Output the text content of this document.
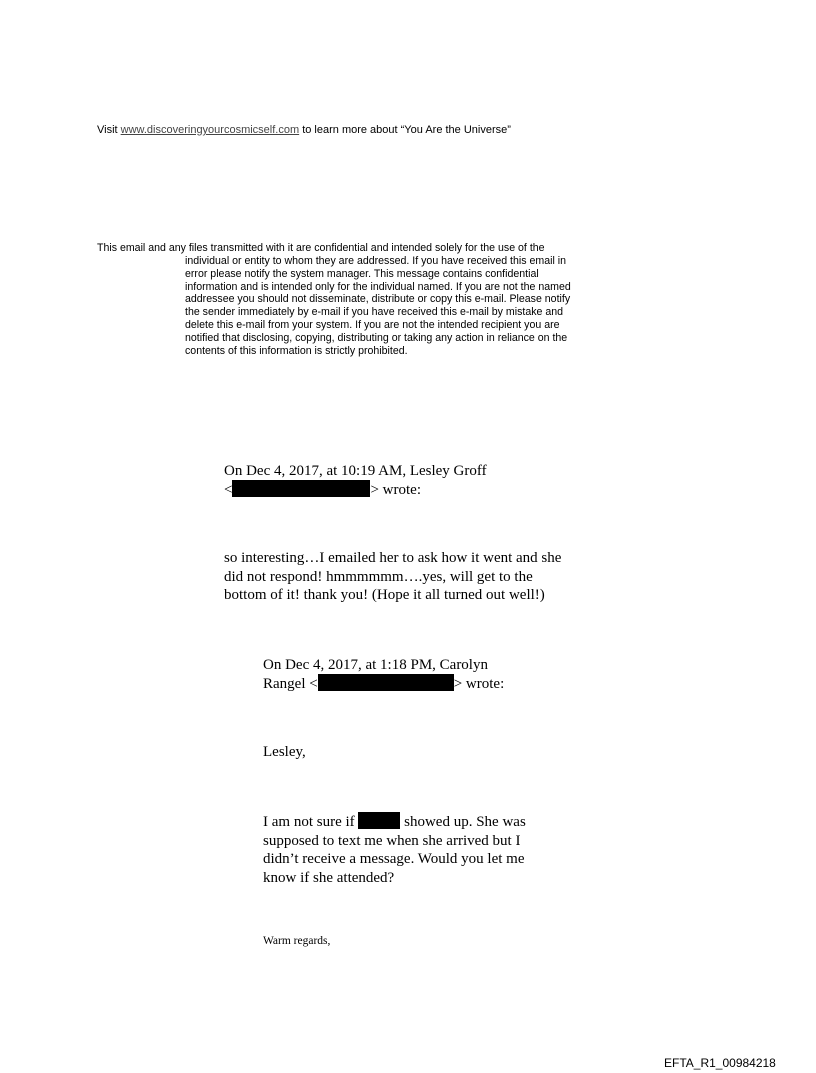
Visit www.discoveringyourcosmicself.com to learn more about “You Are the Universe”
This email and any files transmitted with it are confidential and intended solely for the use of the
individual or entity to whom they are addressed. If you have received this email in
error please notify the system manager. This message contains confidential
information and is intended only for the individual named. If you are not the named
addressee you should not disseminate, distribute or copy this e-mail. Please notify
the sender immediately by e-mail if you have received this e-mail by mistake and
delete this e-mail from your system. If you are not the intended recipient you are
notified that disclosing, copying, distributing or taking any action in reliance on the
contents of this information is strictly prohibited.
On Dec 4, 2017, at 10:19 AM, Lesley Groff
<	> wrote:
so interesting…I emailed her to ask how it went and she
did not respond! hmmmmmm….yes, will get to the
bottom of it! thank you! (Hope it all turned out well!)
On Dec 4, 2017, at 1:18 PM, Carolyn
Rangel <	> wrote:
Lesley,
I am not sure if	showed up. She was
supposed to text me when she arrived but I
didn’t receive a message. Would you let me
know if she attended?
Warm regards,
EFTA_R1_00984218
